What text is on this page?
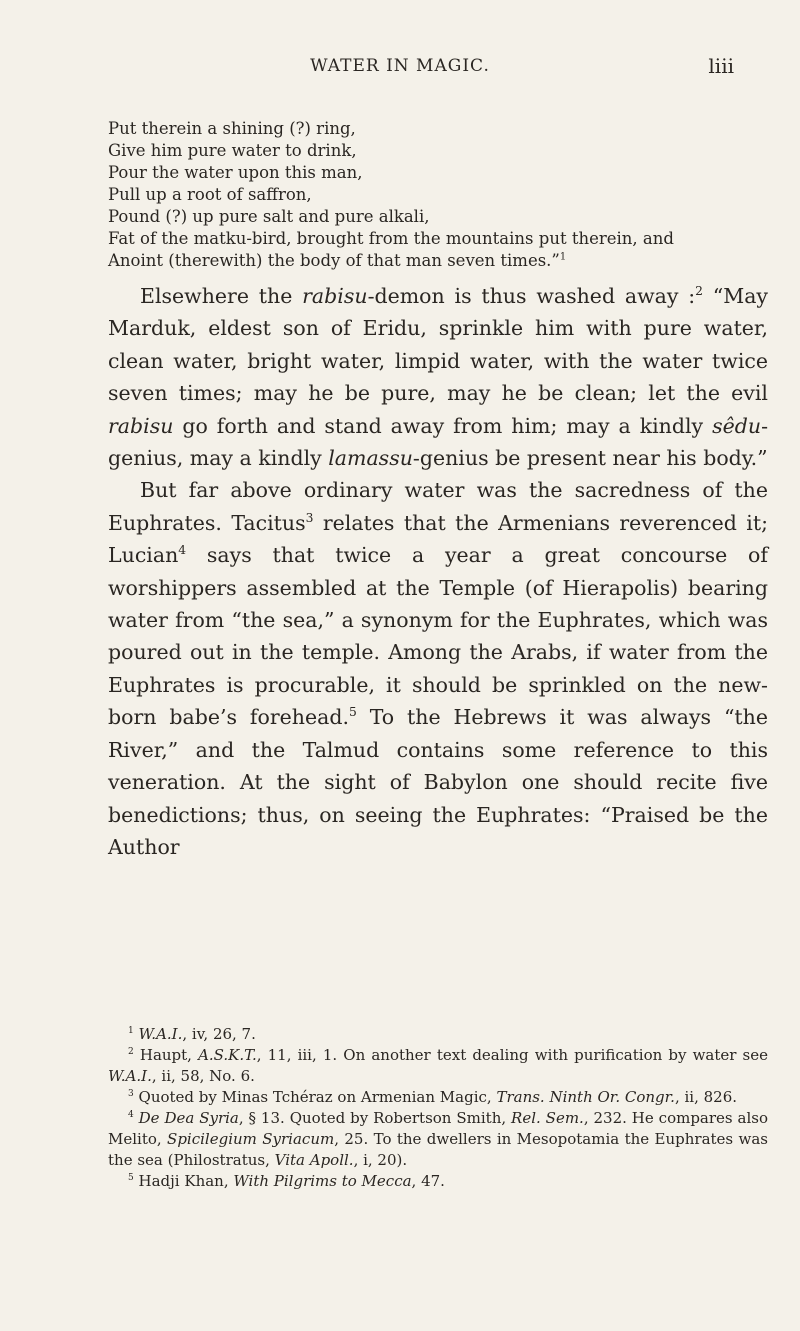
WATER IN MAGIC.	liii
Put therein a shining (?) ring,
Give him pure water to drink,
Pour the water upon this man,
Pull up a root of saffron,
Pound (?) up pure salt and pure alkali,
Fat of the matku-bird, brought from the mountains put therein, and
Anoint (therewith) the body of that man seven times.”$^1$

Elsewhere the rabisu-demon is thus washed away :$^2$ “May Marduk, eldest son of Eridu, sprinkle him with pure water, clean water, bright water, limpid water, with the water twice seven times; may he be pure, may he be clean; let the evil rabisu go forth and stand away from him; may a kindly sêdu-genius, may a kindly lamassu-genius be present near his body.”

But far above ordinary water was the sacredness of the Euphrates. Tacitus$^3$ relates that the Armenians reverenced it; Lucian$^4$ says that twice a year a great concourse of worshippers assembled at the Temple (of Hierapolis) bearing water from “the sea,” a synonym for the Euphrates, which was poured out in the temple. Among the Arabs, if water from the Euphrates is procurable, it should be sprinkled on the new-born babe’s forehead.$^5$ To the Hebrews it was always “the River,” and the Talmud contains some reference to this veneration. At the sight of Babylon one should recite five benedictions; thus, on seeing the Euphrates: “Praised be the Author

$^1$ W.A.I., iv, 26, 7.

$^2$ Haupt, A.S.K.T., 11, iii, 1. On another text dealing with purification by water see W.A.I., ii, 58, No. 6.

$^3$ Quoted by Minas Tchéraz on Armenian Magic, Trans. Ninth Or. Congr., ii, 826.

$^4$ De Dea Syria, § 13. Quoted by Robertson Smith, Rel. Sem., 232. He compares also Melito, Spicilegium Syriacum, 25. To the dwellers in Mesopotamia the Euphrates was the sea (Philostratus, Vita Apoll., i, 20).

$^5$ Hadji Khan, With Pilgrims to Mecca, 47.
